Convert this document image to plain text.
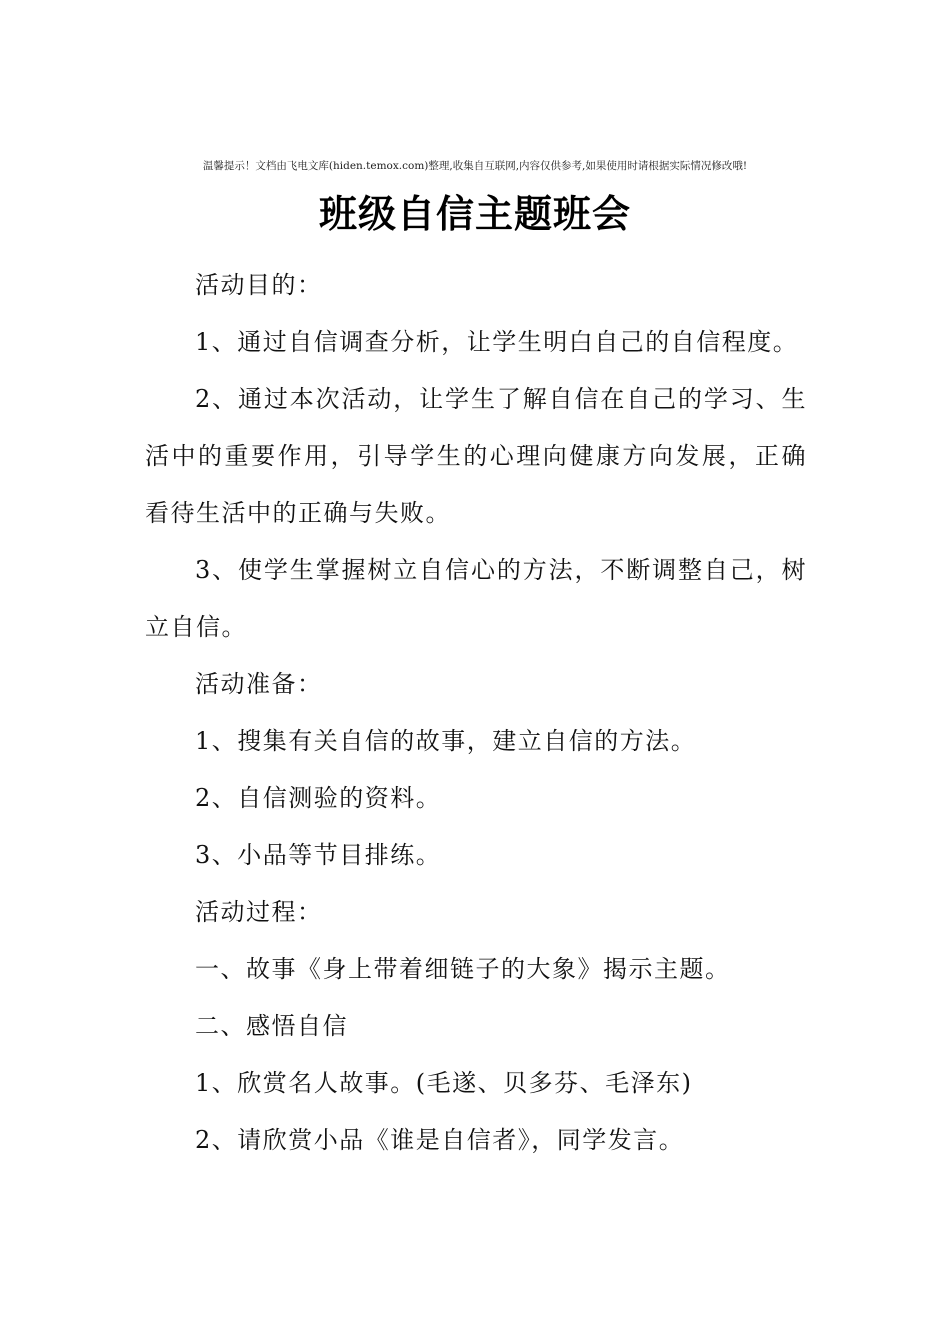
温馨提示！文档由飞电文库(hiden.temox.com)整理,收集自互联网,内容仅供参考,如果使用时请根据实际情况修改哦!
班级自信主题班会

活动目的：

1、通过自信调查分析，让学生明白自己的自信程度。

2、通过本次活动，让学生了解自信在自己的学习、生活中的重要作用，引导学生的心理向健康方向发展，正确看待生活中的正确与失败。

3、使学生掌握树立自信心的方法，不断调整自己，树立自信。

活动准备：

1、搜集有关自信的故事，建立自信的方法。

2、自信测验的资料。

3、小品等节目排练。

活动过程：

一、故事《身上带着细链子的大象》揭示主题。

二、感悟自信

1、欣赏名人故事。(毛遂、贝多芬、毛泽东)

2、请欣赏小品《谁是自信者》，同学发言。
